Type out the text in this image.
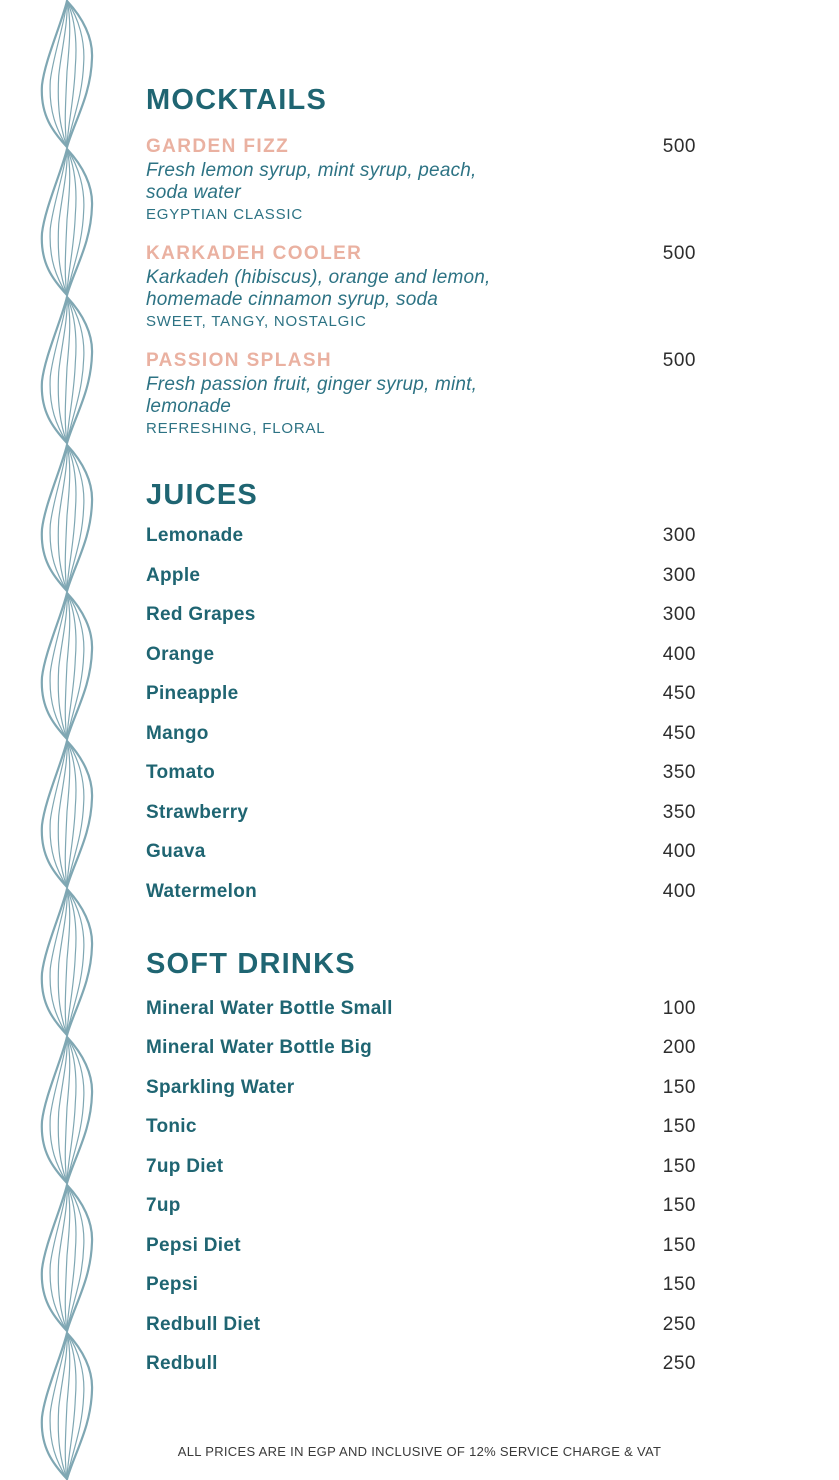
MOCKTAILS
GARDEN FIZZ	500
Fresh lemon syrup, mint syrup, peach, soda water
EGYPTIAN CLASSIC
KARKADEH COOLER	500
Karkadeh (hibiscus), orange and lemon, homemade cinnamon syrup, soda
SWEET, TANGY, NOSTALGIC
PASSION SPLASH	500
Fresh passion fruit, ginger syrup, mint, lemonade
REFRESHING, FLORAL
JUICES
Lemonade	300
Apple	300
Red Grapes	300
Orange	400
Pineapple	450
Mango	450
Tomato	350
Strawberry	350
Guava	400
Watermelon	400
SOFT DRINKS
Mineral Water Bottle Small	100
Mineral Water Bottle Big	200
Sparkling Water	150
Tonic	150
7up Diet	150
7up	150
Pepsi Diet	150
Pepsi	150
Redbull Diet	250
Redbull	250
ALL PRICES ARE IN EGP AND INCLUSIVE OF 12% SERVICE CHARGE & VAT
